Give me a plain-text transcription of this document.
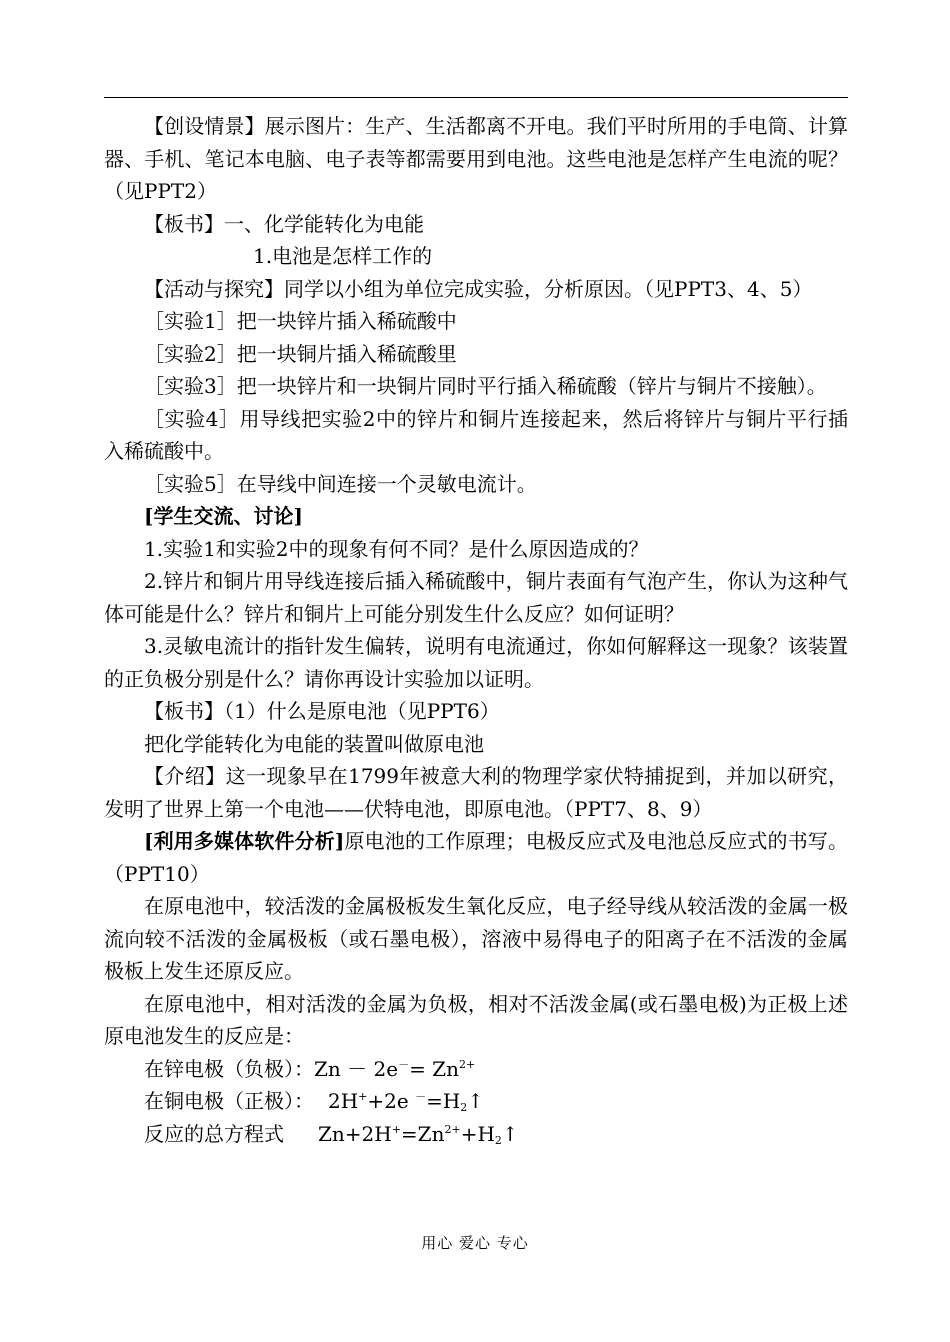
【创设情景】展示图片：生产、生活都离不开电。我们平时所用的手电筒、计算器、手机、笔记本电脑、电子表等都需要用到电池。这些电池是怎样产生电流的呢？（见PPT2）

【板书】一、化学能转化为电能

1.电池是怎样工作的

【活动与探究】同学以小组为单位完成实验，分析原因。（见PPT3、4、5）

［实验1］把一块锌片插入稀硫酸中

［实验2］把一块铜片插入稀硫酸里

［实验3］把一块锌片和一块铜片同时平行插入稀硫酸（锌片与铜片不接触）。

［实验4］用导线把实验2中的锌片和铜片连接起来，然后将锌片与铜片平行插入稀硫酸中。

［实验5］在导线中间连接一个灵敏电流计。

[学生交流、讨论]

1.实验1和实验2中的现象有何不同？是什么原因造成的？

2.锌片和铜片用导线连接后插入稀硫酸中，铜片表面有气泡产生，你认为这种气体可能是什么？锌片和铜片上可能分别发生什么反应？如何证明？

3.灵敏电流计的指针发生偏转，说明有电流通过，你如何解释这一现象？该装置的正负极分别是什么？请你再设计实验加以证明。

【板书】（1）什么是原电池（见PPT6）

把化学能转化为电能的装置叫做原电池

【介绍】这一现象早在1799年被意大利的物理学家伏特捕捉到，并加以研究，发明了世界上第一个电池——伏特电池，即原电池。（PPT7、8、9）

[利用多媒体软件分析]原电池的工作原理；电极反应式及电池总反应式的书写。（PPT10）

在原电池中，较活泼的金属极板发生氧化反应，电子经导线从较活泼的金属一极流向较不活泼的金属极板（或石墨电极），溶液中易得电子的阳离子在不活泼的金属极板上发生还原反应。

在原电池中，相对活泼的金属为负极，相对不活泼金属(或石墨电极)为正极上述原电池发生的反应是：

在锌电极（负极）：$Zn - 2e^-= Zn^{2+}$

在铜电极（正极）： 2H++2e $^-=H_2↑$

反应的总方程式 $Zn+2H^+=Zn^{2+}+H_2↑$

用心 爱心 专心
